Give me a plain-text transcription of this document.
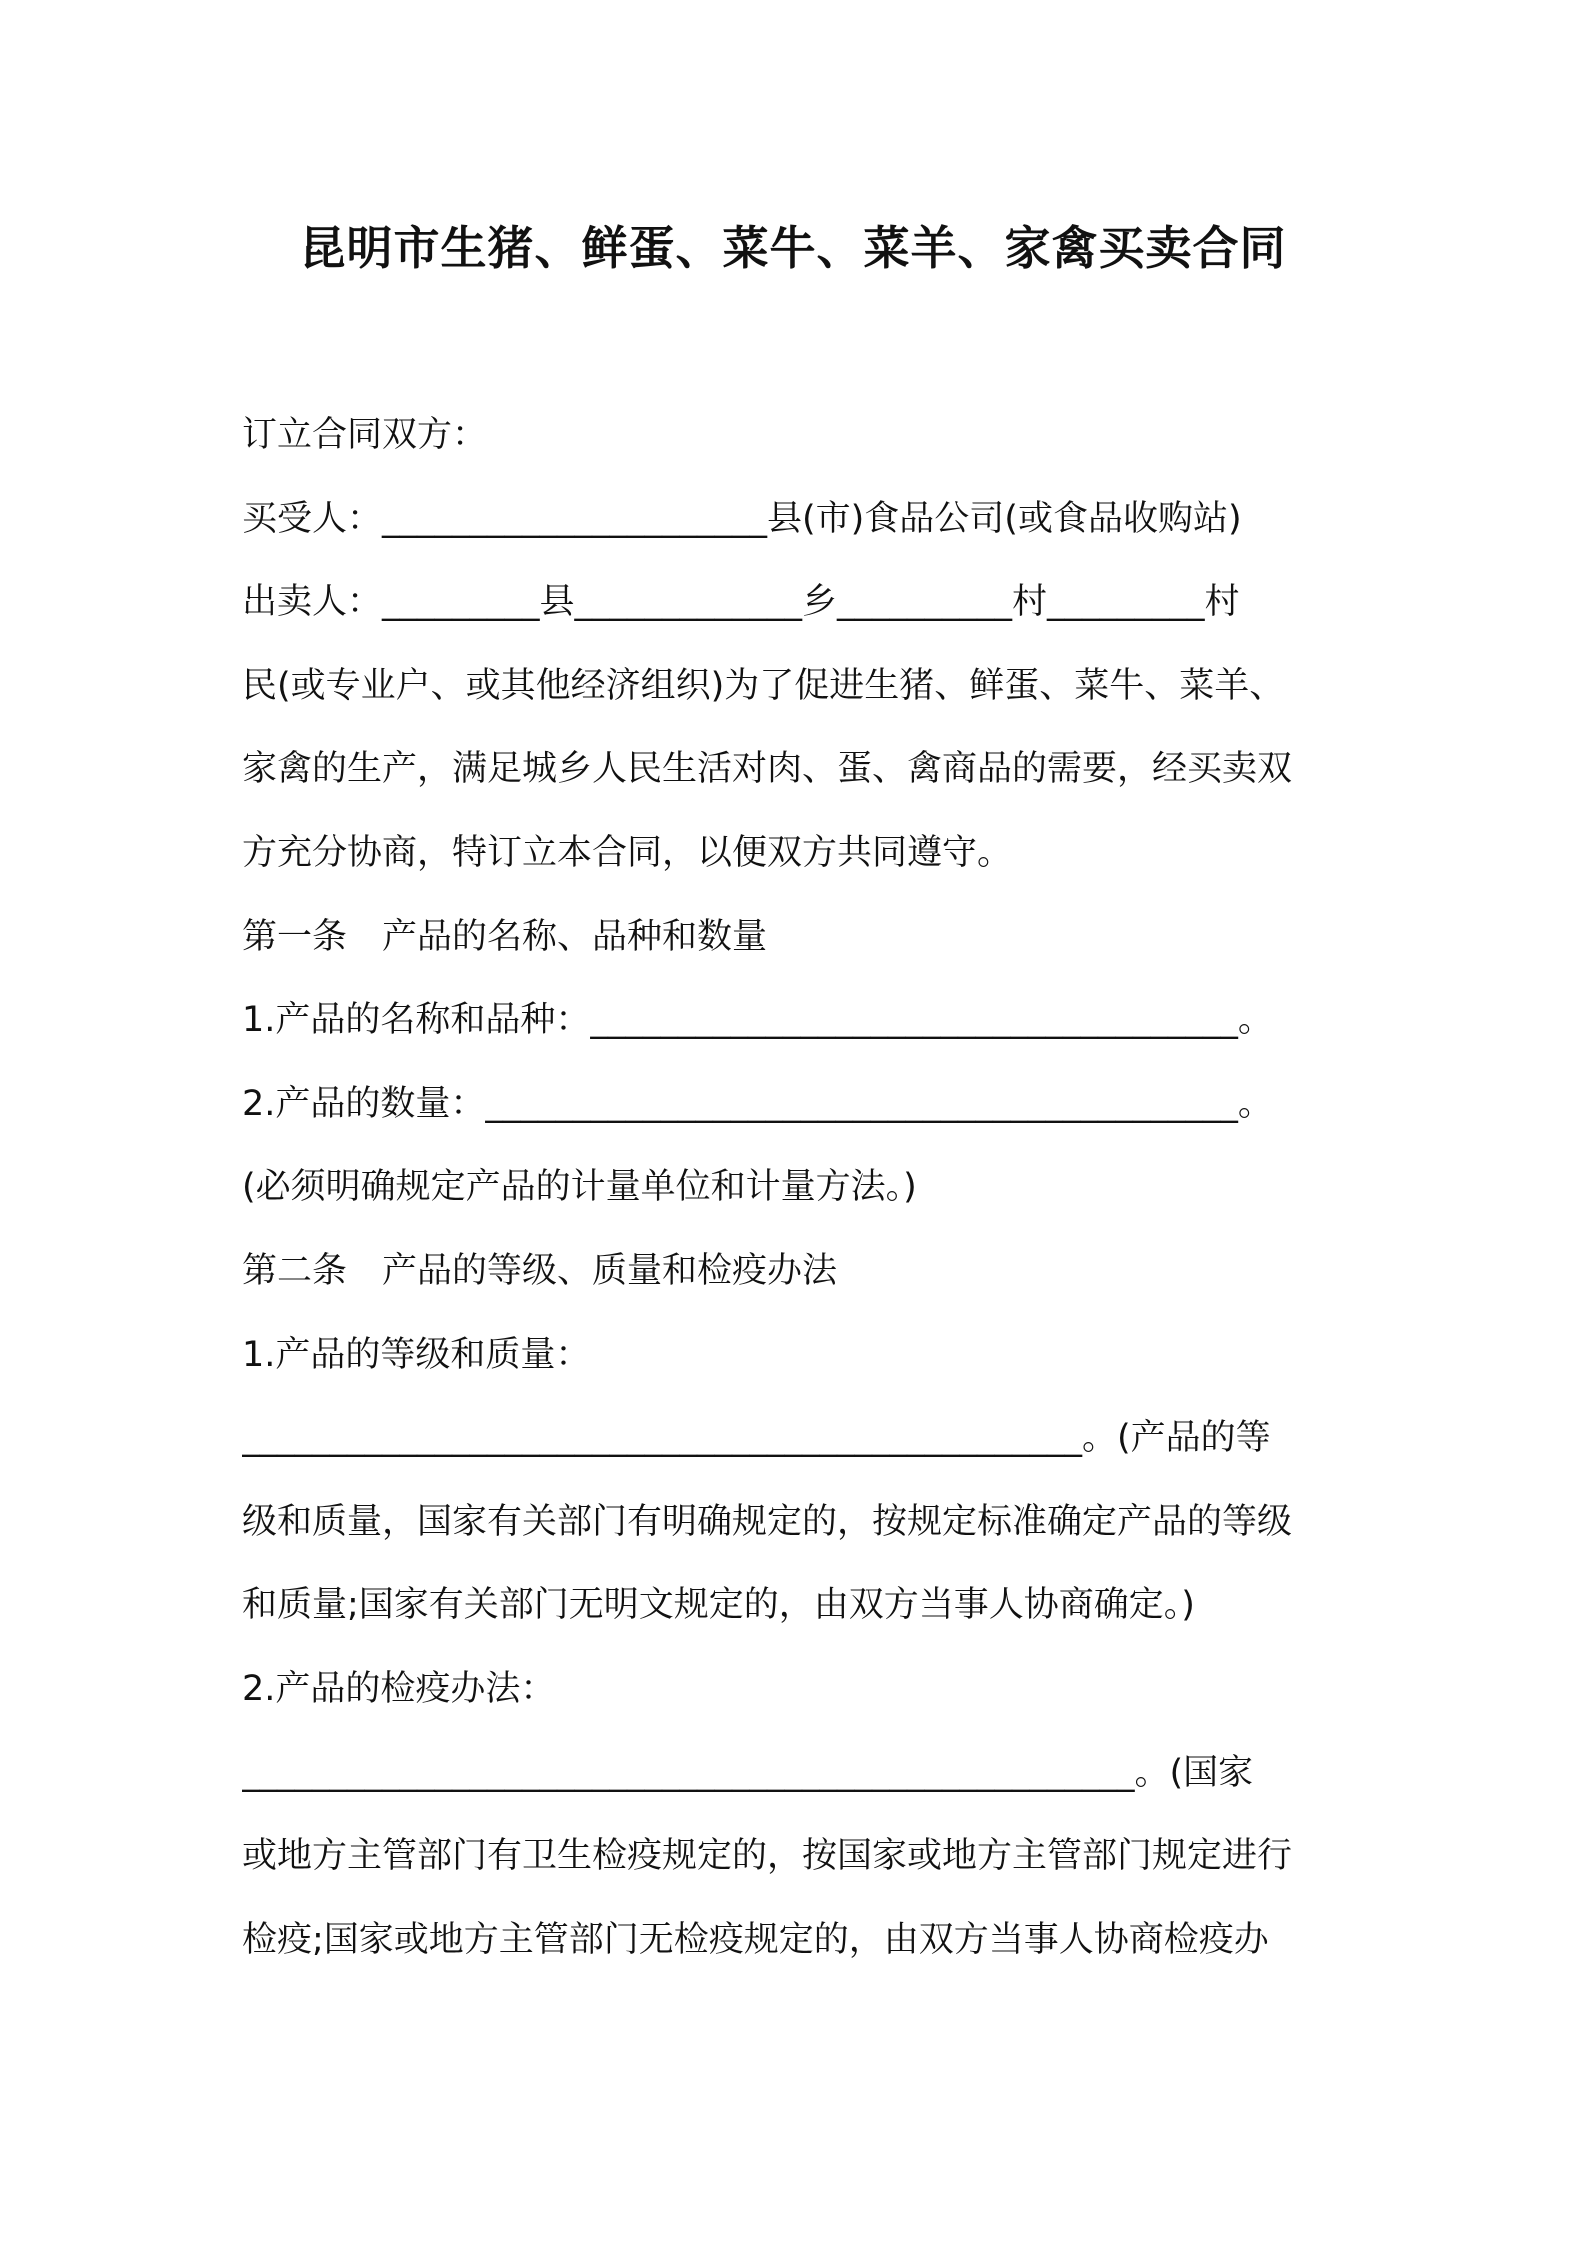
昆明市生猪、鲜蛋、菜牛、菜羊、家禽买卖合同
订立合同双方：
买受人：______________________县(市)食品公司(或食品收购站)
出卖人：_________县_____________乡__________村_________村
民(或专业户、或其他经济组织)为了促进生猪、鲜蛋、菜牛、菜羊、
家禽的生产，满足城乡人民生活对肉、蛋、禽商品的需要，经买卖双
方充分协商，特订立本合同，以便双方共同遵守。
第一条　产品的名称、品种和数量
1.产品的名称和品种：_____________________________________。
2.产品的数量：___________________________________________。
(必须明确规定产品的计量单位和计量方法。)
第二条　产品的等级、质量和检疫办法
1.产品的等级和质量：
________________________________________________。(产品的等
级和质量，国家有关部门有明确规定的，按规定标准确定产品的等级
和质量;国家有关部门无明文规定的，由双方当事人协商确定。)
2.产品的检疫办法：
___________________________________________________。(国家
或地方主管部门有卫生检疫规定的，按国家或地方主管部门规定进行
检疫;国家或地方主管部门无检疫规定的，由双方当事人协商检疫办
